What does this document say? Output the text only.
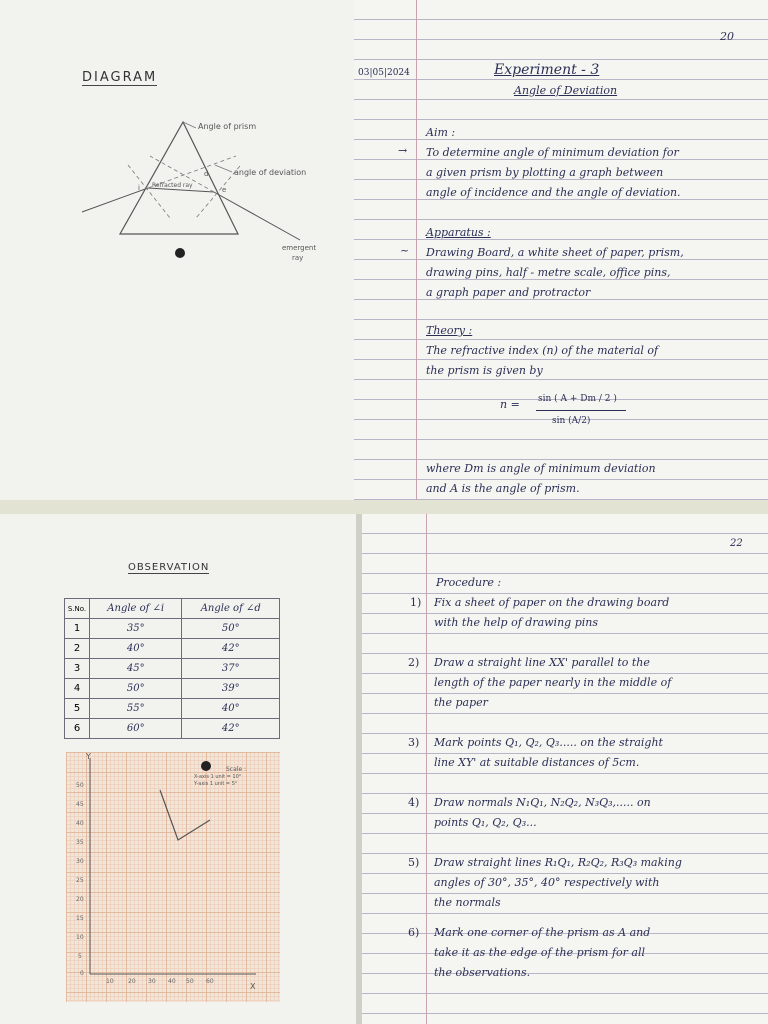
DIAGRAM
Angle of prism
angle of deviation
Refracted ray
i	e
d
emergent
ray
20
03|05|2024	Experiment - 3
Angle of Deviation
Aim :
→ To determine angle of minimum deviation for
a given prism by plotting a graph between
angle of incidence and the angle of deviation.
Apparatus :
~ Drawing Board, a white sheet of paper, prism,
drawing pins, half - metre scale, office pins,
a graph paper and protractor
Theory :
The refractive index (n) of the material of
the prism is given by
n = sin ( A + Dm / 2 )
sin (A/2)
where Dm is angle of minimum deviation
and A is the angle of prism.
OBSERVATION
S.No.	Angle of ∠i	Angle of ∠d
1	35°	50°
2	40°	42°
3	45°	37°
4	50°	39°
5	55°	40°
6	60°	42°
Y
X
Scale :
X-axis 1 unit = 10°
Y-axis 1 unit = 5°
50
45
40
35
30
25
20
15
10
5
0
10 20 30 40 50 60
22
Procedure :
1) Fix a sheet of paper on the drawing board
with the help of drawing pins
2) Draw a straight line XX' parallel to the
length of the paper nearly in the middle of
the paper
3) Mark points Q₁, Q₂, Q₃..... on the straight
line XY' at suitable distances of 5cm.
4) Draw normals N₁Q₁, N₂Q₂, N₃Q₃,..... on
points Q₁, Q₂, Q₃...
5) Draw straight lines R₁Q₁, R₂Q₂, R₃Q₃ making
angles of 30°, 35°, 40° respectively with
the normals
6) Mark one corner of the prism as A and
take it as the edge of the prism for all
the observations.
